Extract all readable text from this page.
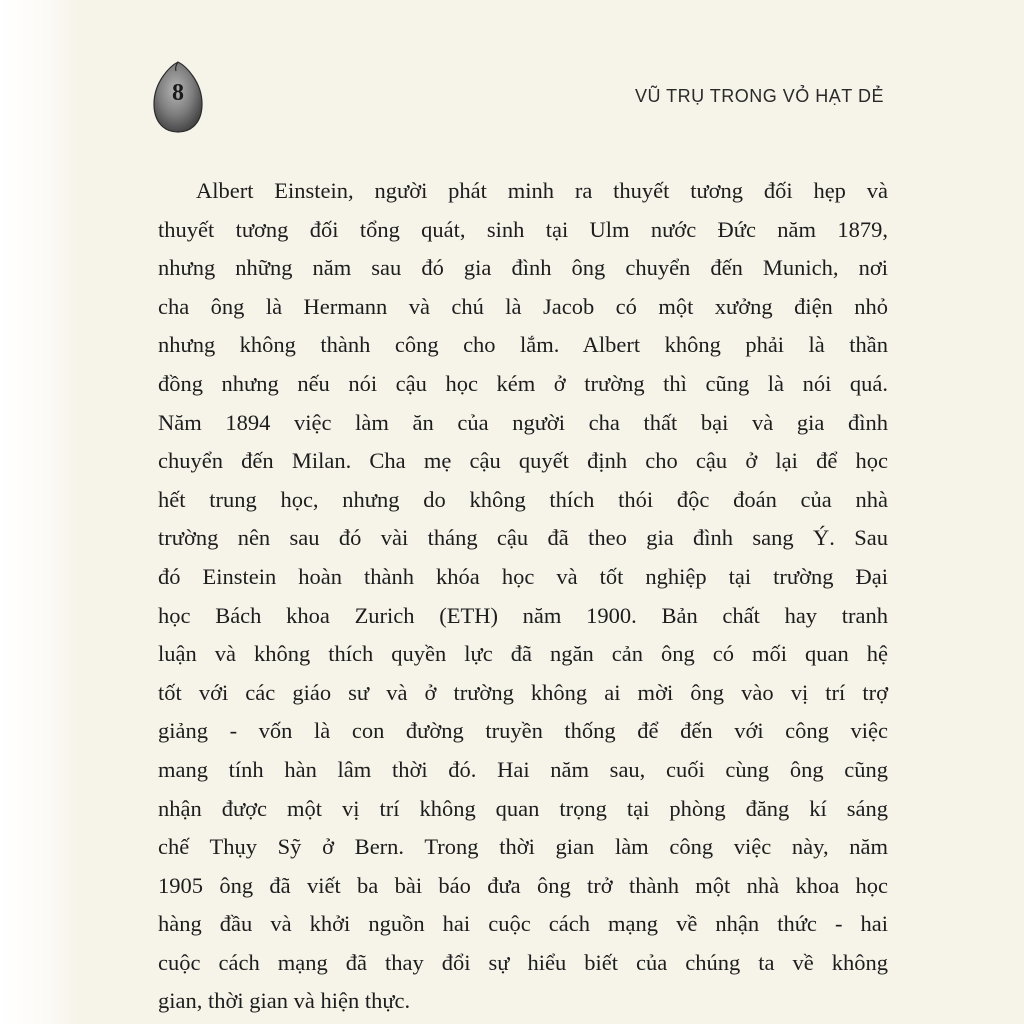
8	VŨ TRỤ TRONG VỎ HẠT DẺ
Albert Einstein, người phát minh ra thuyết tương đối hẹp và
thuyết tương đối tổng quát, sinh tại Ulm nước Đức năm 1879,
nhưng những năm sau đó gia đình ông chuyển đến Munich, nơi
cha ông là Hermann và chú là Jacob có một xưởng điện nhỏ
nhưng không thành công cho lắm. Albert không phải là thần
đồng nhưng nếu nói cậu học kém ở trường thì cũng là nói quá.
Năm 1894 việc làm ăn của người cha thất bại và gia đình
chuyển đến Milan. Cha mẹ cậu quyết định cho cậu ở lại để học
hết trung học, nhưng do không thích thói độc đoán của nhà
trường nên sau đó vài tháng cậu đã theo gia đình sang Ý. Sau
đó Einstein hoàn thành khóa học và tốt nghiệp tại trường Đại
học Bách khoa Zurich (ETH) năm 1900. Bản chất hay tranh
luận và không thích quyền lực đã ngăn cản ông có mối quan hệ
tốt với các giáo sư và ở trường không ai mời ông vào vị trí trợ
giảng - vốn là con đường truyền thống để đến với công việc
mang tính hàn lâm thời đó. Hai năm sau, cuối cùng ông cũng
nhận được một vị trí không quan trọng tại phòng đăng kí sáng
chế Thụy Sỹ ở Bern. Trong thời gian làm công việc này, năm
1905 ông đã viết ba bài báo đưa ông trở thành một nhà khoa học
hàng đầu và khởi nguồn hai cuộc cách mạng về nhận thức - hai
cuộc cách mạng đã thay đổi sự hiểu biết của chúng ta về không
gian, thời gian và hiện thực.
